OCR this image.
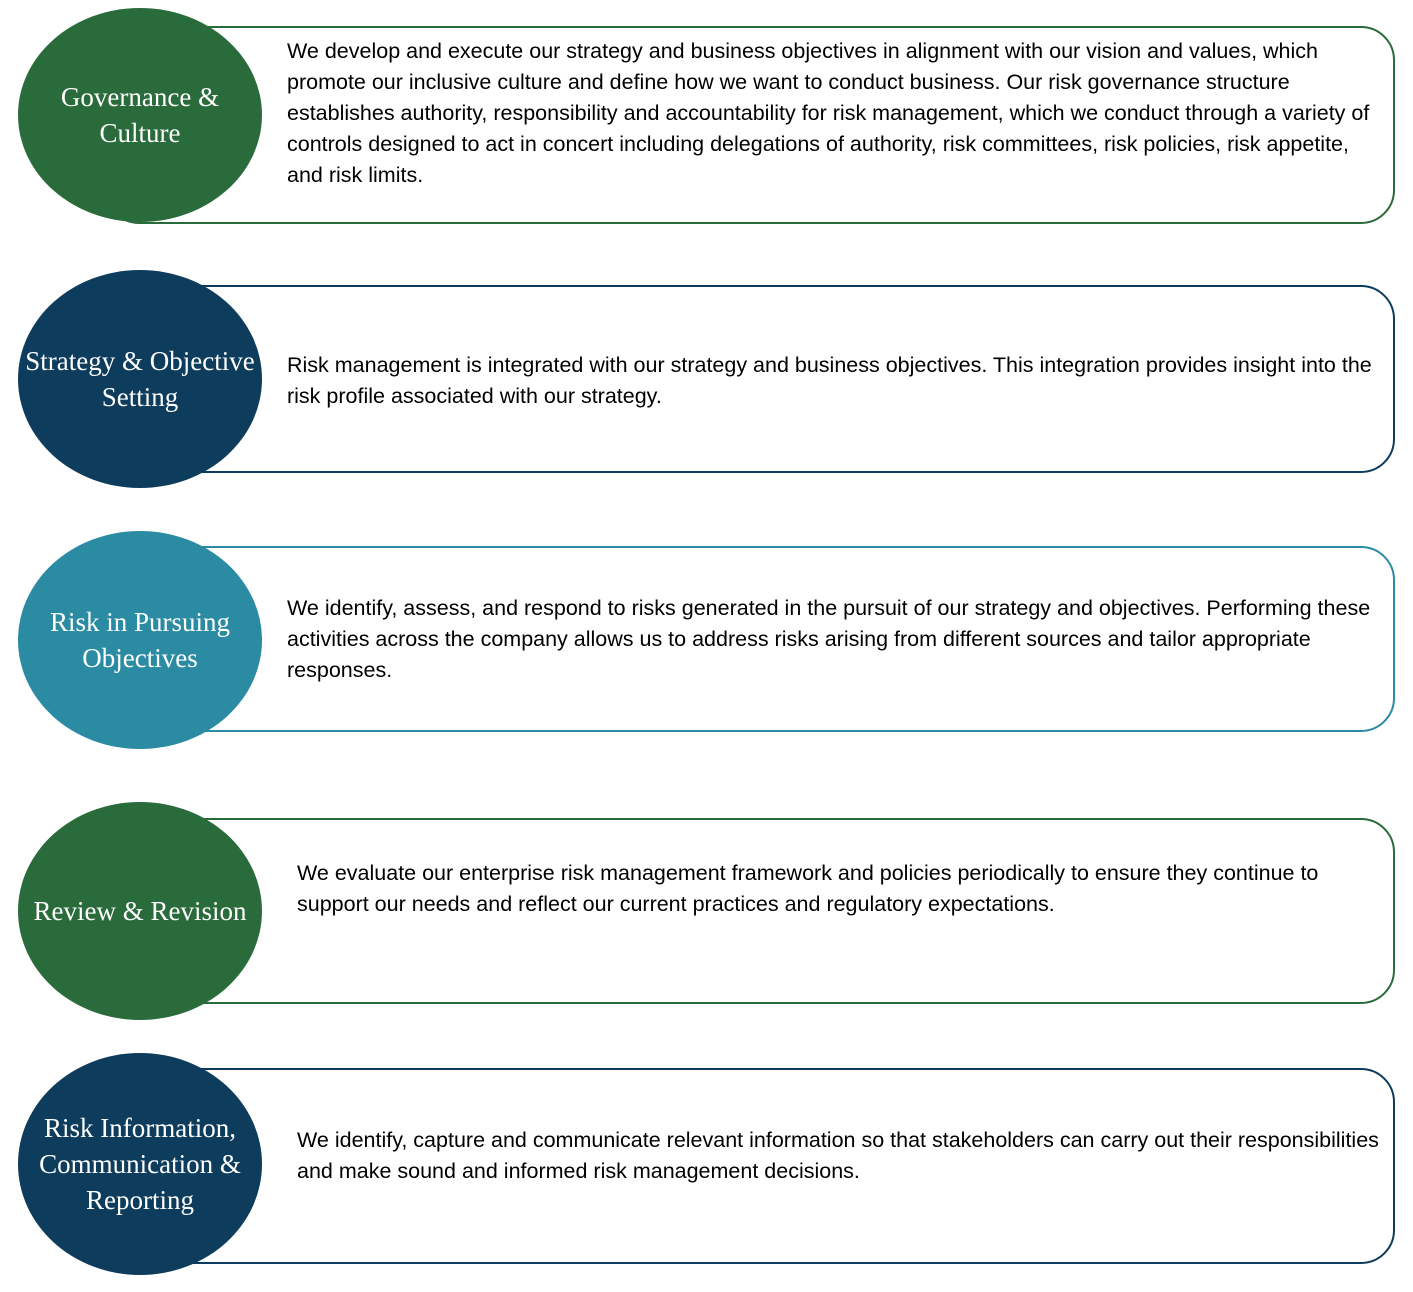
We develop and execute our strategy and business objectives in alignment with our vision and values, which promote our inclusive culture and define how we want to conduct business. Our risk governance structure establishes authority, responsibility and accountability for risk management, which we conduct through a variety of controls designed to act in concert including delegations of authority, risk committees, risk policies, risk appetite, and risk limits.
Governance & Culture
Risk management is integrated with our strategy and business objectives. This integration provides insight into the risk profile associated with our strategy.
Strategy & Objective Setting
We identify, assess, and respond to risks generated in the pursuit of our strategy and objectives. Performing these activities across the company allows us to address risks arising from different sources and tailor appropriate responses.
Risk in Pursuing Objectives
We evaluate our enterprise risk management framework and policies periodically to ensure they continue to support our needs and reflect our current practices and regulatory expectations.
Review & Revision
We identify, capture and communicate relevant information so that stakeholders can carry out their responsibilities and make sound and informed risk management decisions.
Risk Information, Communication & Reporting
